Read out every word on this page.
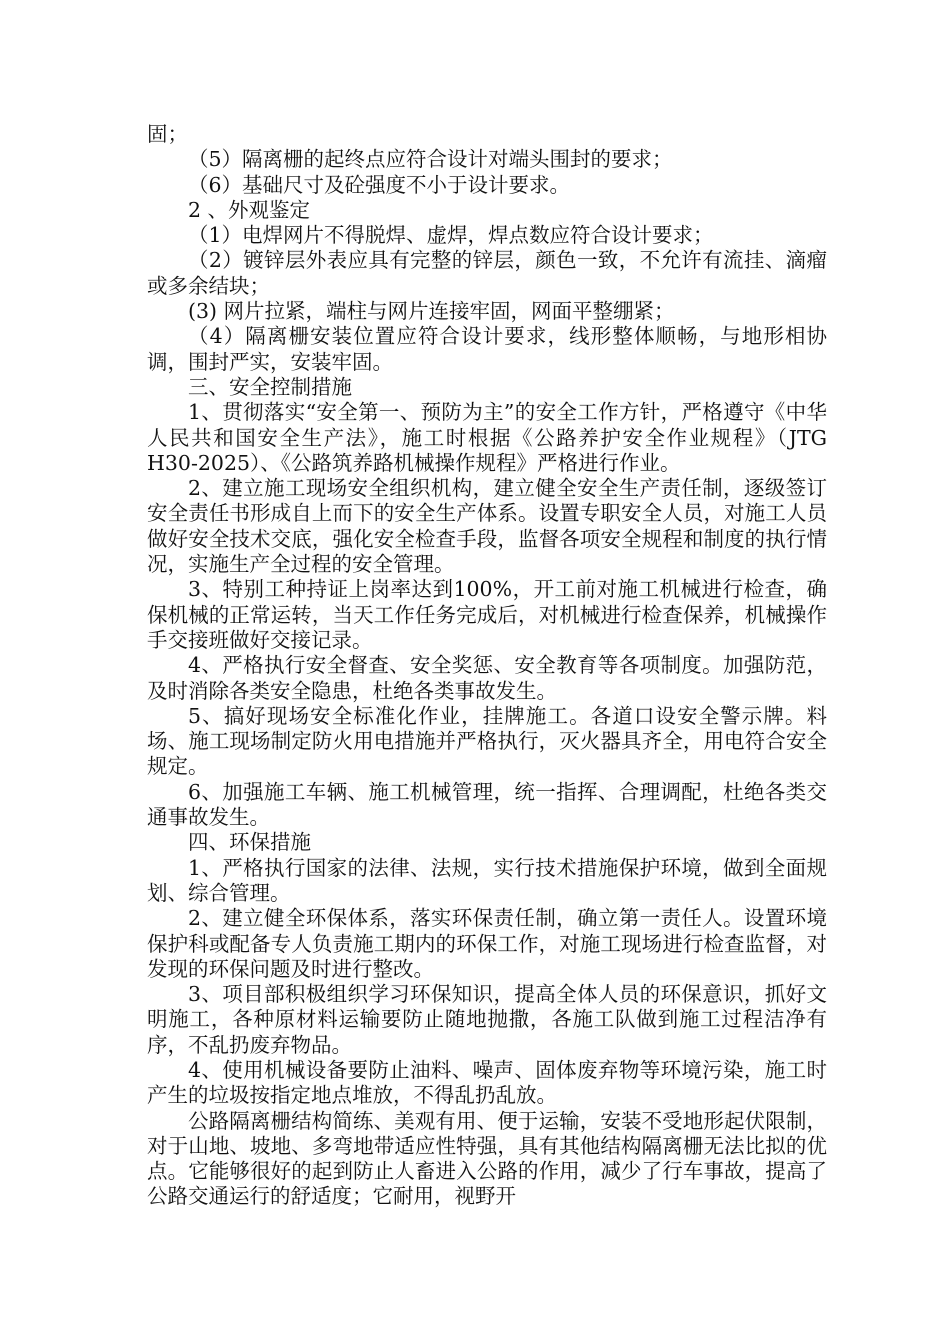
固；

（5）隔离栅的起终点应符合设计对端头围封的要求；

（6）基础尺寸及砼强度不小于设计要求。

2 、外观鉴定

（1）电焊网片不得脱焊、虚焊，焊点数应符合设计要求；

（2）镀锌层外表应具有完整的锌层，颜色一致，不允许有流挂、滴瘤或多余结块；

(3) 网片拉紧，端柱与网片连接牢固，网面平整绷紧；

（4）隔离栅安装位置应符合设计要求，线形整体顺畅，与地形相协调，围封严实，安装牢固。

三、安全控制措施

1、贯彻落实“安全第一、预防为主”的安全工作方针，严格遵守《中华人民共和国安全生产法》，施工时根据《公路养护安全作业规程》（JTG H30-2025）、《公路筑养路机械操作规程》严格进行作业。

2、建立施工现场安全组织机构，建立健全安全生产责任制，逐级签订安全责任书形成自上而下的安全生产体系。设置专职安全人员，对施工人员做好安全技术交底，强化安全检查手段，监督各项安全规程和制度的执行情况，实施生产全过程的安全管理。

3、特别工种持证上岗率达到100%，开工前对施工机械进行检查，确保机械的正常运转，当天工作任务完成后，对机械进行检查保养，机械操作手交接班做好交接记录。

4、严格执行安全督查、安全奖惩、安全教育等各项制度。加强防范，及时消除各类安全隐患，杜绝各类事故发生。

5、搞好现场安全标准化作业，挂牌施工。各道口设安全警示牌。料场、施工现场制定防火用电措施并严格执行，灭火器具齐全，用电符合安全规定。

6、加强施工车辆、施工机械管理，统一指挥、合理调配，杜绝各类交通事故发生。

四、环保措施

1、严格执行国家的法律、法规，实行技术措施保护环境，做到全面规划、综合管理。

2、建立健全环保体系，落实环保责任制，确立第一责任人。设置环境保护科或配备专人负责施工期内的环保工作，对施工现场进行检查监督，对发现的环保问题及时进行整改。

3、项目部积极组织学习环保知识，提高全体人员的环保意识，抓好文明施工，各种原材料运输要防止随地抛撒，各施工队做到施工过程洁净有序，不乱扔废弃物品。

4、使用机械设备要防止油料、噪声、固体废弃物等环境污染，施工时产生的垃圾按指定地点堆放，不得乱扔乱放。

公路隔离栅结构简练、美观有用、便于运输，安装不受地形起伏限制，对于山地、坡地、多弯地带适应性特强，具有其他结构隔离栅无法比拟的优点。它能够很好的起到防止人畜进入公路的作用，减少了行车事故，提高了公路交通运行的舒适度；它耐用，视野开
